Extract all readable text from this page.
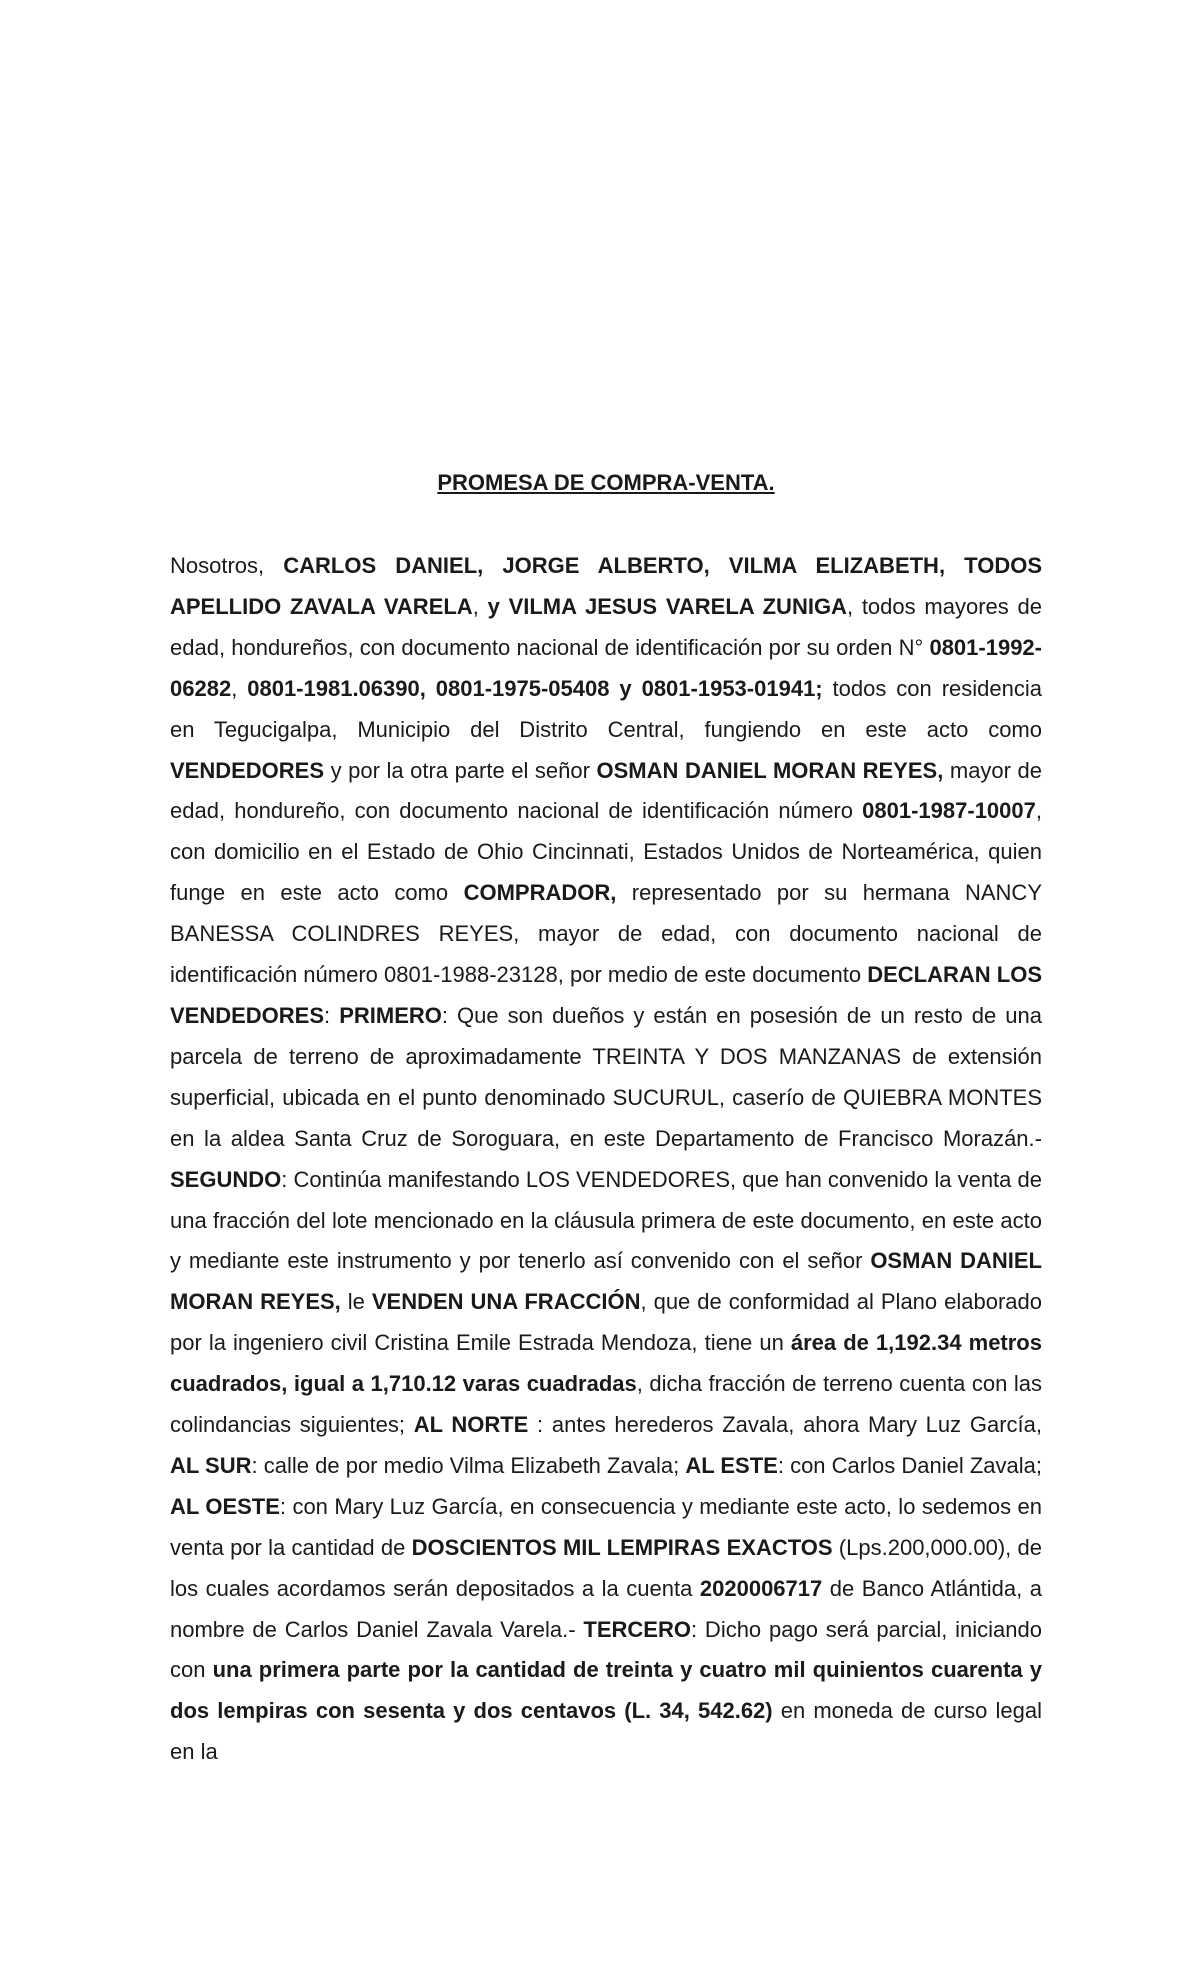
PROMESA DE COMPRA-VENTA.

Nosotros, CARLOS DANIEL, JORGE ALBERTO, VILMA ELIZABETH, TODOS APELLIDO ZAVALA VARELA, y VILMA JESUS VARELA ZUNIGA, todos mayores de edad, hondureños, con documento nacional de identificación por su orden N° 0801-1992-06282, 0801-1981.06390, 0801-1975-05408 y 0801-1953-01941; todos con residencia en Tegucigalpa, Municipio del Distrito Central, fungiendo en este acto como VENDEDORES y por la otra parte el señor OSMAN DANIEL MORAN REYES, mayor de edad, hondureño, con documento nacional de identificación número 0801-1987-10007, con domicilio en el Estado de Ohio Cincinnati, Estados Unidos de Norteamérica, quien funge en este acto como COMPRADOR, representado por su hermana NANCY BANESSA COLINDRES REYES, mayor de edad, con documento nacional de identificación número 0801-1988-23128, por medio de este documento DECLARAN LOS VENDEDORES: PRIMERO: Que son dueños y están en posesión de un resto de una parcela de terreno de aproximadamente TREINTA Y DOS MANZANAS de extensión superficial, ubicada en el punto denominado SUCURUL, caserío de QUIEBRA MONTES en la aldea Santa Cruz de Soroguara, en este Departamento de Francisco Morazán.- SEGUNDO: Continúa manifestando LOS VENDEDORES, que han convenido la venta de una fracción del lote mencionado en la cláusula primera de este documento, en este acto y mediante este instrumento y por tenerlo así convenido con el señor OSMAN DANIEL MORAN REYES, le VENDEN UNA FRACCIÓN, que de conformidad al Plano elaborado por la ingeniero civil Cristina Emile Estrada Mendoza, tiene un área de 1,192.34 metros cuadrados, igual a 1,710.12 varas cuadradas, dicha fracción de terreno cuenta con las colindancias siguientes; AL NORTE : antes herederos Zavala, ahora Mary Luz García, AL SUR: calle de por medio Vilma Elizabeth Zavala; AL ESTE: con Carlos Daniel Zavala; AL OESTE: con Mary Luz García, en consecuencia y mediante este acto, lo sedemos en venta por la cantidad de DOSCIENTOS MIL LEMPIRAS EXACTOS (Lps.200,000.00), de los cuales acordamos serán depositados a la cuenta 2020006717 de Banco Atlántida, a nombre de Carlos Daniel Zavala Varela.- TERCERO: Dicho pago será parcial, iniciando con una primera parte por la cantidad de treinta y cuatro mil quinientos cuarenta y dos lempiras con sesenta y dos centavos (L. 34, 542.62) en moneda de curso legal en la
